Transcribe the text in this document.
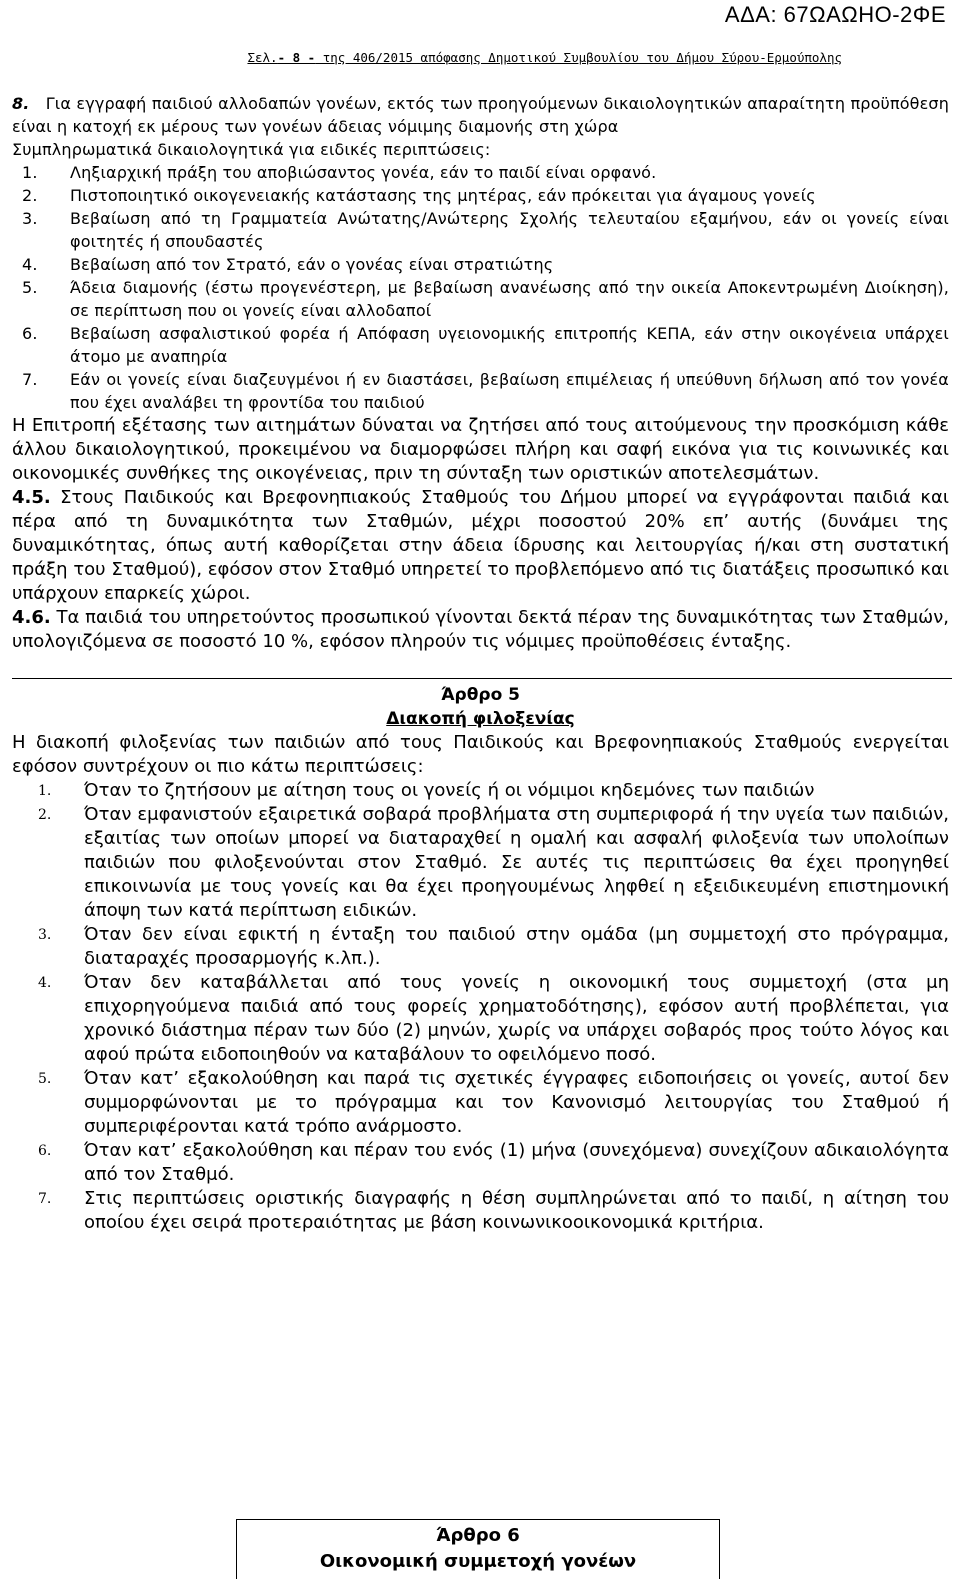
ΑΔΑ: 67ΩΑΩΗΟ-2ΦΕ
Σελ.- 8 - της 406/2015 απόφασης Δημοτικού Συμβουλίου του Δήμου Σύρου-Ερμούπολης

8. Για εγγραφή παιδιού αλλοδαπών γονέων, εκτός των προηγούμενων δικαιολογητικών απαραίτητη προϋπόθεση είναι η κατοχή εκ μέρους των γονέων άδειας νόμιμης διαμονής στη χώρα

Συμπληρωματικά δικαιολογητικά για ειδικές περιπτώσεις:

1.	Ληξιαρχική πράξη του αποβιώσαντος γονέα, εάν το παιδί είναι ορφανό.
2.	Πιστοποιητικό οικογενειακής κατάστασης της μητέρας, εάν πρόκειται για άγαμους γονείς
3.	Βεβαίωση από τη Γραμματεία Ανώτατης/Ανώτερης Σχολής τελευταίου εξαμήνου, εάν οι γονείς είναι φοιτητές ή σπουδαστές
4.	Βεβαίωση από τον Στρατό, εάν ο γονέας είναι στρατιώτης
5.	Άδεια διαμονής (έστω προγενέστερη, με βεβαίωση ανανέωσης από την οικεία Αποκεντρωμένη Διοίκηση), σε περίπτωση που οι γονείς είναι αλλοδαποί
6.	Βεβαίωση ασφαλιστικού φορέα ή Απόφαση υγειονομικής επιτροπής ΚΕΠΑ, εάν στην οικογένεια υπάρχει άτομο με αναπηρία
7.	Εάν οι γονείς είναι διαζευγμένοι ή εν διαστάσει, βεβαίωση επιμέλειας ή υπεύθυνη δήλωση από τον γονέα που έχει αναλάβει τη φροντίδα του παιδιού

Η Επιτροπή εξέτασης των αιτημάτων δύναται να ζητήσει από τους αιτούμενους την προσκόμιση κάθε άλλου δικαιολογητικού, προκειμένου να διαμορφώσει πλήρη και σαφή εικόνα για τις κοινωνικές και οικονομικές συνθήκες της οικογένειας, πριν τη σύνταξη των οριστικών αποτελεσμάτων.

4.5. Στους Παιδικούς και Βρεφονηπιακούς Σταθμούς του Δήμου μπορεί να εγγράφονται παιδιά και πέρα από τη δυναμικότητα των Σταθμών, μέχρι ποσοστού 20% επ’ αυτής (δυνάμει της δυναμικότητας, όπως αυτή καθορίζεται στην άδεια ίδρυσης και λειτουργίας ή/και στη συστατική πράξη του Σταθμού), εφόσον στον Σταθμό υπηρετεί το προβλεπόμενο από τις διατάξεις προσωπικό και υπάρχουν επαρκείς χώροι.

4.6. Τα παιδιά του υπηρετούντος προσωπικού γίνονται δεκτά πέραν της δυναμικότητας των Σταθμών, υπολογιζόμενα σε ποσοστό 10 %, εφόσον πληρούν τις νόμιμες προϋποθέσεις ένταξης.

Άρθρο 5
Διακοπή φιλοξενίας

Η διακοπή φιλοξενίας των παιδιών από τους Παιδικούς και Βρεφονηπιακούς Σταθμούς ενεργείται εφόσον συντρέχουν οι πιο κάτω περιπτώσεις:

1.	Όταν το ζητήσουν με αίτηση τους οι γονείς ή οι νόμιμοι κηδεμόνες των παιδιών
2.	Όταν εμφανιστούν εξαιρετικά σοβαρά προβλήματα στη συμπεριφορά ή την υγεία των παιδιών, εξαιτίας των οποίων μπορεί να διαταραχθεί η ομαλή και ασφαλή φιλοξενία των υπολοίπων παιδιών που φιλοξενούνται στον Σταθμό. Σε αυτές τις περιπτώσεις θα έχει προηγηθεί επικοινωνία με τους γονείς και θα έχει προηγουμένως ληφθεί η εξειδικευμένη επιστημονική άποψη των κατά περίπτωση ειδικών.
3.	Όταν δεν είναι εφικτή η ένταξη του παιδιού στην ομάδα (μη συμμετοχή στο πρόγραμμα, διαταραχές προσαρμογής κ.λπ.).
4.	Όταν δεν καταβάλλεται από τους γονείς η οικονομική τους συμμετοχή (στα μη επιχορηγούμενα παιδιά από τους φορείς χρηματοδότησης), εφόσον αυτή προβλέπεται, για χρονικό διάστημα πέραν των δύο (2) μηνών, χωρίς να υπάρχει σοβαρός προς τούτο λόγος και αφού πρώτα ειδοποιηθούν να καταβάλουν το οφειλόμενο ποσό.
5.	Όταν κατ’ εξακολούθηση και παρά τις σχετικές έγγραφες ειδοποιήσεις οι γονείς, αυτοί δεν συμμορφώνονται με το πρόγραμμα και τον Κανονισμό λειτουργίας του Σταθμού ή συμπεριφέρονται κατά τρόπο ανάρμοστο.
6.	Όταν κατ’ εξακολούθηση και πέραν του ενός (1) μήνα (συνεχόμενα) συνεχίζουν αδικαιολόγητα από τον Σταθμό.
7.	Στις περιπτώσεις οριστικής διαγραφής η θέση συμπληρώνεται από το παιδί, η αίτηση του οποίου έχει σειρά προτεραιότητας με βάση κοινωνικοοικονομικά κριτήρια.
Άρθρο 6
Οικονομική συμμετοχή γονέων
